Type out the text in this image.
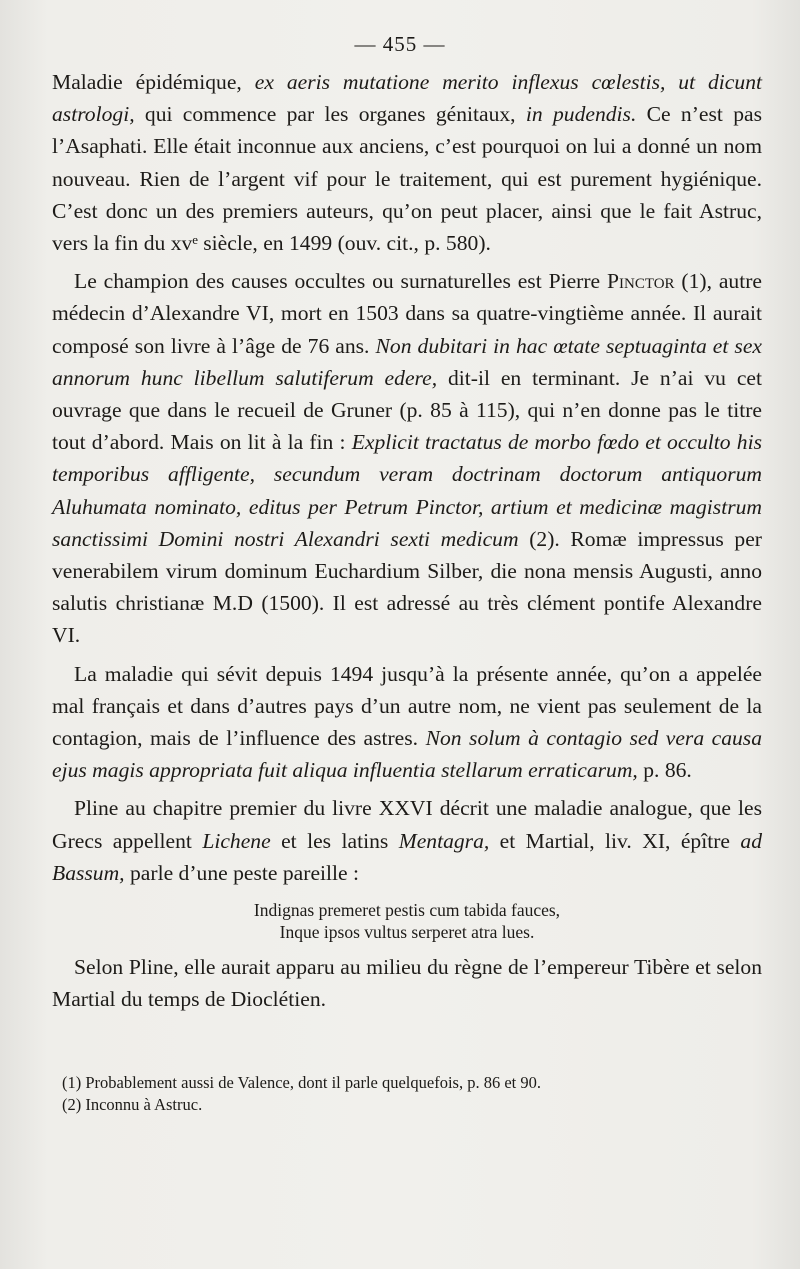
— 455 —

Maladie épidémique, ex aeris mutatione merito inflexus cœlestis, ut dicunt astrologi, qui commence par les organes génitaux, in pudendis. Ce n’est pas l’Asaphati. Elle était inconnue aux anciens, c’est pourquoi on lui a donné un nom nouveau. Rien de l’argent vif pour le traitement, qui est purement hygiénique. C’est donc un des premiers auteurs, qu’on peut placer, ainsi que le fait Astruc, vers la fin du xvᵉ siècle, en 1499 (ouv. cit., p. 580).

Le champion des causes occultes ou surnaturelles est Pierre Pinctor (1), autre médecin d’Alexandre VI, mort en 1503 dans sa quatre-vingtième année. Il aurait composé son livre à l’âge de 76 ans. Non dubitari in hac œtate septuaginta et sex annorum hunc libellum salutiferum edere, dit-il en terminant. Je n’ai vu cet ouvrage que dans le recueil de Gruner (p. 85 à 115), qui n’en donne pas le titre tout d’abord. Mais on lit à la fin : Explicit tractatus de morbo fœdo et occulto his temporibus affligente, secundum veram doctrinam doctorum antiquorum Aluhumata nominato, editus per Petrum Pinctor, artium et medicinæ magistrum sanctissimi Domini nostri Alexandri sexti medicum (2). Romæ impressus per venerabilem virum dominum Euchardium Silber, die nona mensis Augusti, anno salutis christianæ M.D (1500). Il est adressé au très clément pontife Alexandre VI.

La maladie qui sévit depuis 1494 jusqu’à la présente année, qu’on a appelée mal français et dans d’autres pays d’un autre nom, ne vient pas seulement de la contagion, mais de l’influence des astres. Non solum à contagio sed vera causa ejus magis appropriata fuit aliqua influentia stellarum erraticarum, p. 86.

Pline au chapitre premier du livre XXVI décrit une maladie analogue, que les Grecs appellent Lichene et les latins Mentagra, et Martial, liv. XI, épître ad Bassum, parle d’une peste pareille :

Indignas premeret pestis cum tabida fauces,
Inque ipsos vultus serperet atra lues.

Selon Pline, elle aurait apparu au milieu du règne de l’empereur Tibère et selon Martial du temps de Dioclétien.

(1) Probablement aussi de Valence, dont il parle quelquefois, p. 86 et 90.
(2) Inconnu à Astruc.
